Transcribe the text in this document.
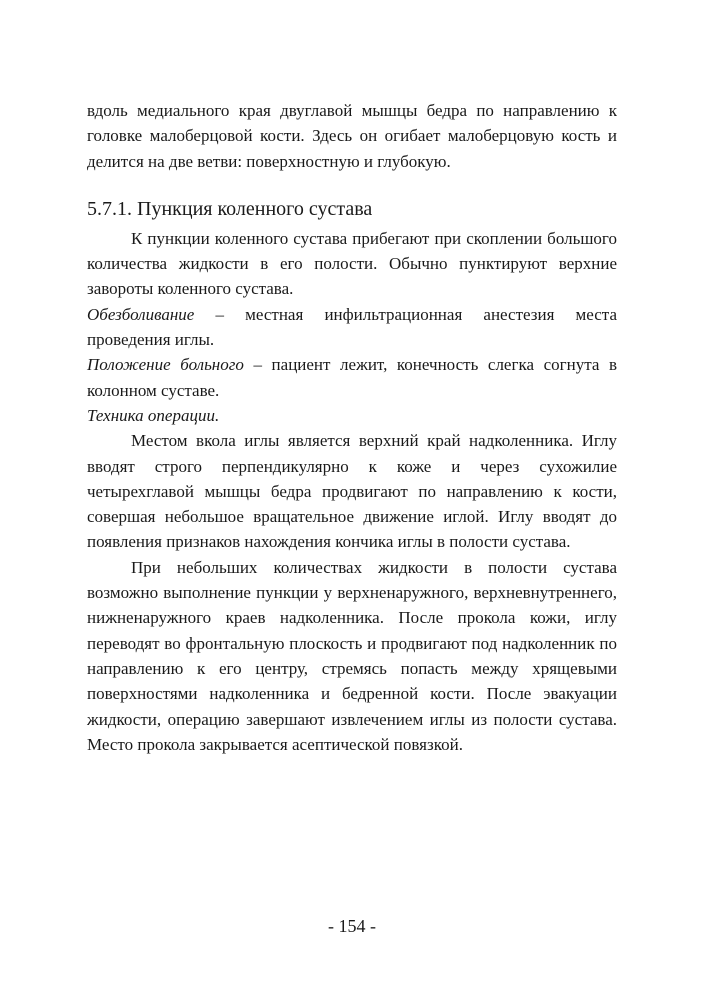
вдоль медиального края двуглавой мышцы бедра по направлению к головке малоберцовой кости. Здесь он огибает малоберцовую кость и делится на две ветви: поверхностную и глубокую.

5.7.1. Пункция коленного сустава

К пункции коленного сустава прибегают при скоплении большого количества жидкости в его полости. Обычно пунктируют верхние завороты коленного сустава.

Обезболивание – местная инфильтрационная анестезия места проведения иглы.

Положение больного – пациент лежит, конечность слегка согнута в колонном суставе.

Техника операции.

Местом вкола иглы является верхний край надколенника. Иглу вводят строго перпендикулярно к коже и через сухожилие четырехглавой мышцы бедра продвигают по направлению к кости, совершая небольшое вращательное движение иглой. Иглу вводят до появления признаков нахождения кончика иглы в полости сустава.

При небольших количествах жидкости в полости сустава возможно выполнение пункции у верхненаружного, верхневнутреннего, нижненаружного краев надколенника. После прокола кожи, иглу переводят во фронтальную плоскость и продвигают под надколенник по направлению к его центру, стремясь попасть между хрящевыми поверхностями надколенника и бедренной кости. После эвакуации жидкости, операцию завершают извлечением иглы из полости сустава. Место прокола закрывается асептической повязкой.

- 154 -
